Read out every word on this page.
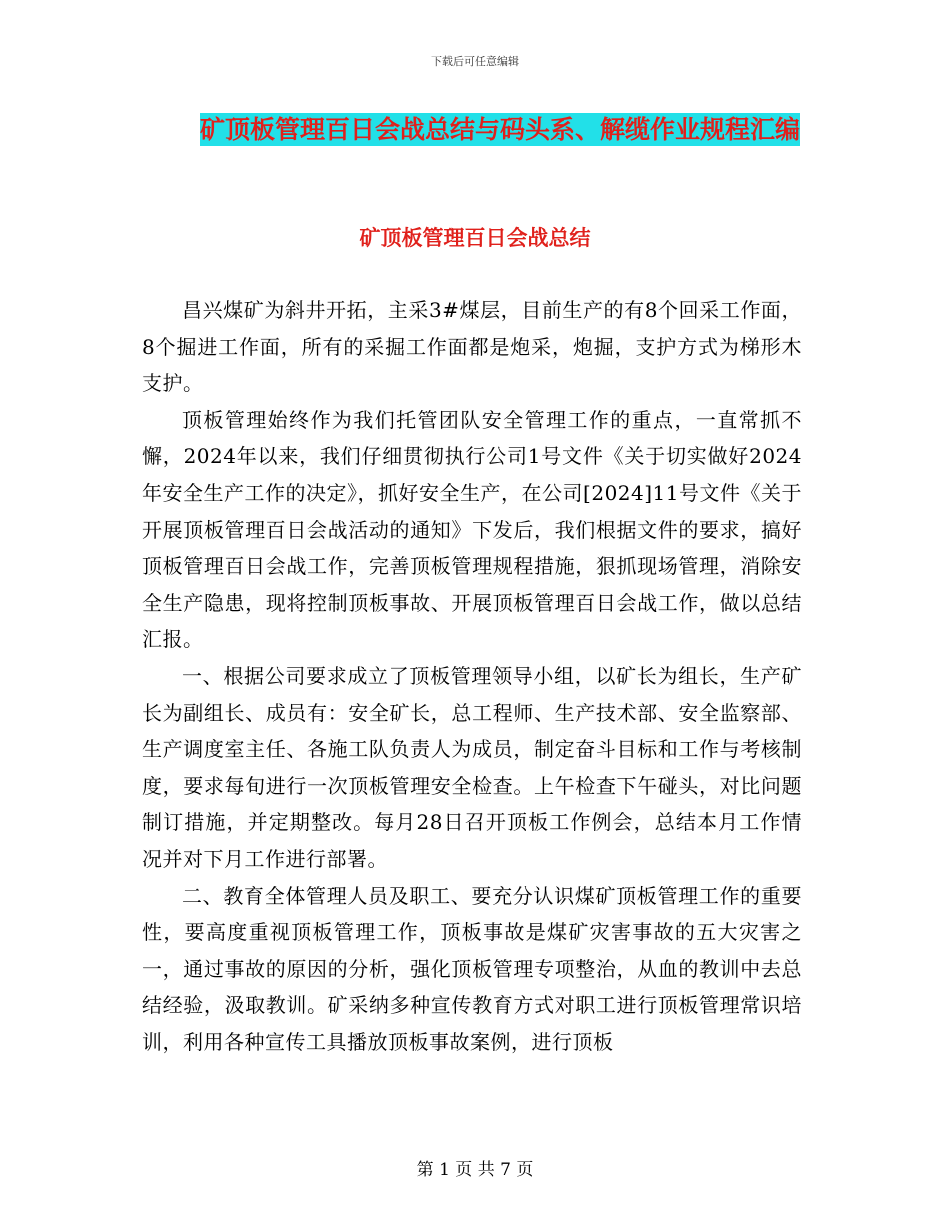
下载后可任意编辑
矿顶板管理百日会战总结与码头系、解缆作业规程汇编
矿顶板管理百日会战总结

昌兴煤矿为斜井开拓，主采3#煤层，目前生产的有8个回采工作面，8个掘进工作面，所有的采掘工作面都是炮采，炮掘，支护方式为梯形木支护。

顶板管理始终作为我们托管团队安全管理工作的重点，一直常抓不懈，2024年以来，我们仔细贯彻执行公司1号文件《关于切实做好2024年安全生产工作的决定》，抓好安全生产，在公司[2024]11号文件《关于开展顶板管理百日会战活动的通知》下发后，我们根据文件的要求，搞好顶板管理百日会战工作，完善顶板管理规程措施，狠抓现场管理，消除安全生产隐患，现将控制顶板事故、开展顶板管理百日会战工作，做以总结汇报。

一、根据公司要求成立了顶板管理领导小组，以矿长为组长，生产矿长为副组长、成员有：安全矿长，总工程师、生产技术部、安全监察部、生产调度室主任、各施工队负责人为成员，制定奋斗目标和工作与考核制度，要求每旬进行一次顶板管理安全检查。上午检查下午碰头，对比问题制订措施，并定期整改。每月28日召开顶板工作例会，总结本月工作情况并对下月工作进行部署。

二、教育全体管理人员及职工、要充分认识煤矿顶板管理工作的重要性，要高度重视顶板管理工作，顶板事故是煤矿灾害事故的五大灾害之一，通过事故的原因的分析，强化顶板管理专项整治，从血的教训中去总结经验，汲取教训。矿采纳多种宣传教育方式对职工进行顶板管理常识培训，利用各种宣传工具播放顶板事故案例，进行顶板

第 1 页 共 7 页
